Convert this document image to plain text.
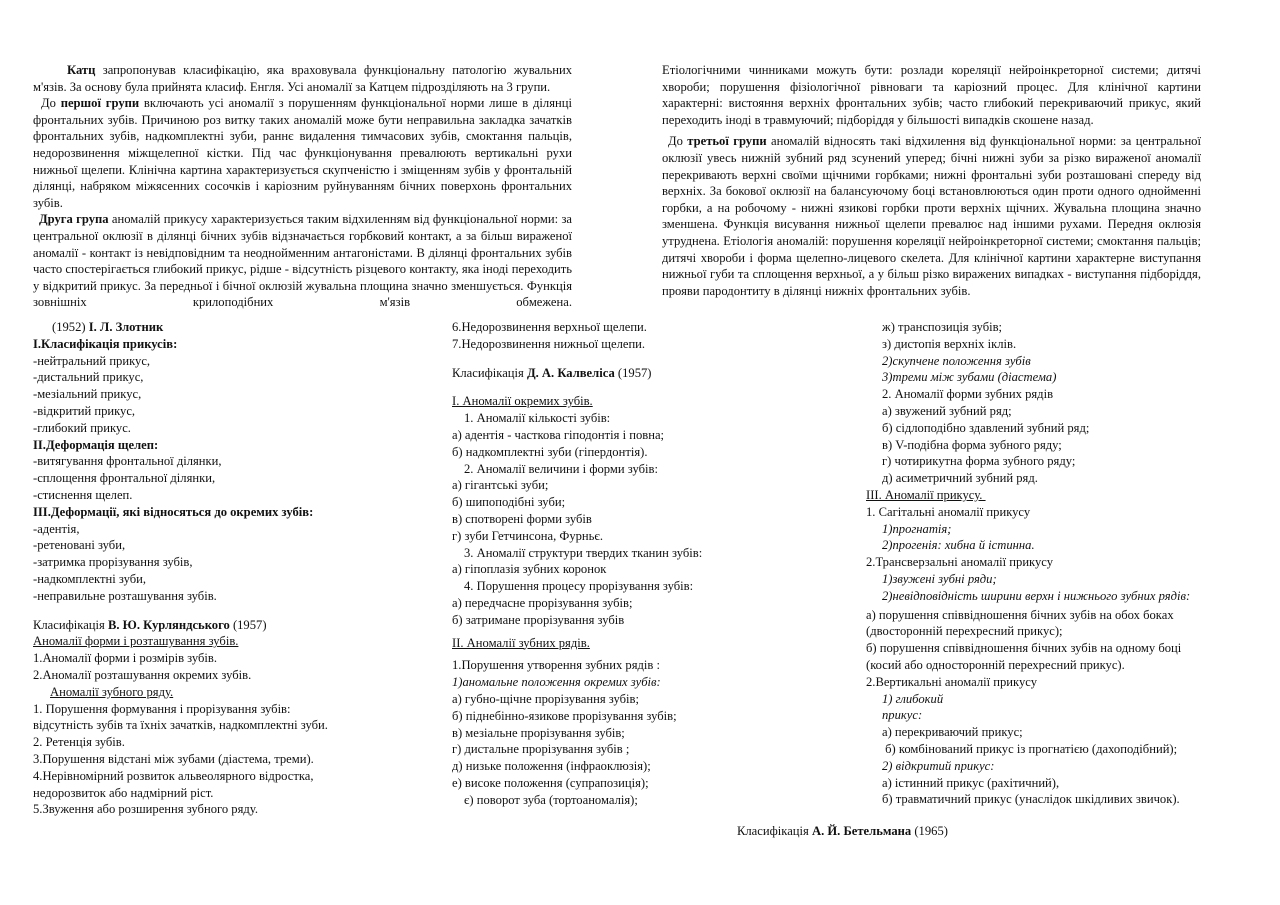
Катц запропонував класифікацію, яка враховувала функціональну патологію жувальних м'язів. За основу була прийнята класиф. Енгля. Усі аномалії за Катцем підрозділяють на 3 групи.

До першої групи включають усі аномалії з порушенням функціональної норми лише в ділянці фронтальних зубів. Причиною роз витку таких аномалій може бути неправильна закладка зачатків фронтальних зубів, надкомплектні зуби, раннє видалення тимчасових зубів, смоктання пальців, недорозвинення міжщелепної кістки. Під час функціонування превалюють вертикальні рухи нижньої щелепи. Клінічна картина характеризується скупченістю і зміщенням зубів у фронтальній ділянці, набряком міжясенних сосочків і каріозним руйнуванням бічних поверхонь фронтальних зубів.

Друга група аномалій прикусу характеризується таким відхиленням від функціональної норми: за центральної оклюзії в ділянці бічних зубів відзначається горбковий контакт, а за більш вираженої аномалії - контакт із невідповідним та неоднойменним антагоністами. В ділянці фронтальних зубів часто спостерігається глибокий прикус, рідше - відсутність різцевого контакту, яка іноді переходить у відкритий прикус. За передньої і бічної оклюзій жувальна площина значно зменшується. Функція зовнішніх крилоподібних м'язів обмежена.

Етіологічними чинниками можуть бути: розлади кореляції нейроінкреторної системи; дитячі хвороби; порушення фізіологічної рівноваги та каріозний процес. Для клінічної картини характерні: вистояння верхніх фронтальних зубів; часто глибокий перекриваючий прикус, який переходить іноді в травмуючий; підборіддя у більшості випадків скошене назад.

До третьої групи аномалій відносять такі відхилення від функціональної норми: за центральної оклюзії увесь нижній зубний ряд зсунений уперед; бічні нижні зуби за різко вираженої аномалії перекривають верхні своїми щічними горбками; нижні фронтальні зуби розташовані спереду від верхніх. За бокової оклюзії на балансуючому боці встановлюються один проти одного однойменні горбки, а на робочому - нижні язикові горбки проти верхніх щічних. Жувальна площина значно зменшена. Функція висування нижньої щелепи превалює над іншими рухами. Передня оклюзія утруднена. Етіологія аномалій: порушення кореляції нейроінкреторної системи; смоктання пальців; дитячі хвороби і форма щелепно-лицевого скелета. Для клінічної картини характерне виступання нижньої губи та сплощення верхньої, а у більш різко виражених випадках - виступання підборіддя, прояви пародонтиту в ділянці нижніх фронтальних зубів.

(1952) І. Л. Злотник
І.Класифікація прикусів:
-нейтральний прикус,
-дистальний прикус,
-мезіальний прикус,
-відкритий прикус,
-глибокий прикус.
ІІ.Деформація щелеп:
-витягування фронтальної ділянки,
-сплощення фронтальної ділянки,
-стиснення щелеп.
ІІІ.Деформації, які відносяться до окремих зубів:
-адентія,
-ретеновані зуби,
-затримка прорізування зубів,
-надкомплектні зуби,
-неправильне розташування зубів.
Класифікація В. Ю. Курляндського (1957)
Аномалії форми і розташування зубів.
1.Аномалії форми і розмірів зубів.
2.Аномалії розташування окремих зубів.
Аномалії зубного ряду.
1. Порушення формування і прорізування зубів:
відсутність зубів та їхніх зачатків, надкомплектні зуби.
2. Ретенція зубів.
3.Порушення відстані між зубами (діастема, треми).
4.Нерівномірний розвиток альвеолярного відростка,
недорозвиток або надмірний ріст.
5.Звуження або розширення зубного ряду.
6.Недорозвинення верхньої щелепи.
7.Недорозвинення нижньої щелепи.
Класифікація Д. А. Калвеліса (1957)
І. Аномалії окремих зубів.
1. Аномалії кількості зубів:
а) адентія - часткова гіподонтія і повна;
б) надкомплектні зуби (гіпердонтія).
2. Аномалії величини і форми зубів:
а) гігантські зуби;
б) шипоподібні зуби;
в) спотворені форми зубів
г) зуби Гетчинсона, Фурньє.
3. Аномалії структури твердих тканин зубів:
а) гіпоплазія зубних коронок
4. Порушення процесу прорізування зубів:
а) передчасне прорізування зубів;
б) затримане прорізування зубів
II. Аномалії зубних рядів.
1.Порушення утворення зубних рядів :
1)аномальне положення окремих зубів:
а) губно-щічне прорізування зубів;
б) піднебінно-язикове прорізування зубів;
в) мезіальне прорізування зубів;
г) дистальне прорізування зубів ;
д) низьке положення (інфраоклюзія);
е) високе положення (супрапозиція);
є) поворот зуба (тортоаномалія);
ж) транспозиція зубів;
з) дистопія верхніх іклів.
2)скупчене положення зубів
3)треми між зубами (діастема)
2. Аномалії форми зубних рядів
а) звужений зубний ряд;
б) сідлоподібно здавлений зубний ряд;
в) V-подібна форма зубного ряду;
г) чотирикутна форма зубного ряду;
д) асиметричний зубний ряд.
III. Аномалії прикусу.
1. Сагітальні аномалії прикусу
1)прогнатія;
2)прогенія: хибна й істинна.
2.Трансверзальні аномалії прикусу
1)звужені зубні ряди;
2)невідповідність ширини верхн і нижнього зубних рядів:
а) порушення співвідношення бічних зубів на обох боках
(двосторонній перехресний прикус);
б) порушення співвідношення бічних зубів на одному боці
(косий або односторонній перехресний прикус).
2.Вертикальні аномалії прикусу
1) глибокий
прикус:
а) перекриваючий прикус;
б) комбінований прикус із прогнатією (дахоподібний);
2) відкритий прикус:
а) істинний прикус (рахітичний),
б) травматичний прикус (унаслідок шкідливих звичок).
Класифікація А. Й. Бетельмана (1965)
